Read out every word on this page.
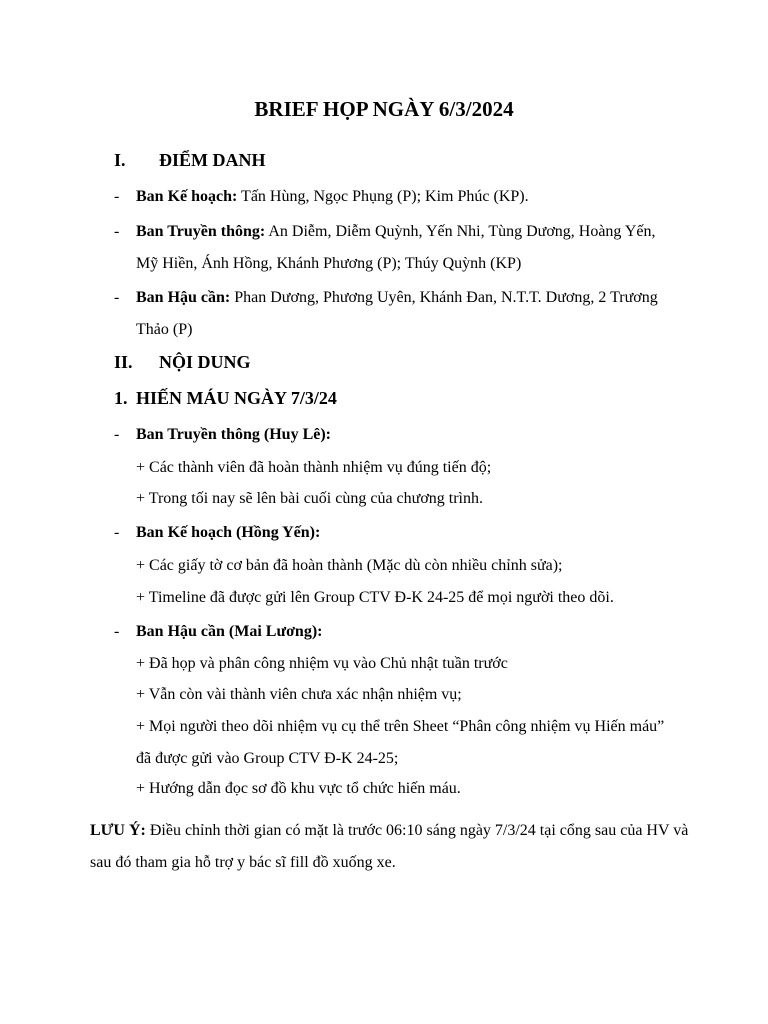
BRIEF HỌP NGÀY 6/3/2024
I. ĐIỂM DANH
- Ban Kế hoạch: Tấn Hùng, Ngọc Phụng (P); Kim Phúc (KP).
- Ban Truyền thông: An Diễm, Diễm Quỳnh, Yến Nhi, Tùng Dương, Hoàng Yến, Mỹ Hiền, Ánh Hồng, Khánh Phương (P); Thúy Quỳnh (KP)
- Ban Hậu cần: Phan Dương, Phương Uyên, Khánh Đan, N.T.T. Dương, 2 Trương Thảo (P)
II. NỘI DUNG
1. HIẾN MÁU NGÀY 7/3/24
- Ban Truyền thông (Huy Lê):
+ Các thành viên đã hoàn thành nhiệm vụ đúng tiến độ;
+ Trong tối nay sẽ lên bài cuối cùng của chương trình.
- Ban Kế hoạch (Hồng Yến):
+ Các giấy tờ cơ bản đã hoàn thành (Mặc dù còn nhiều chỉnh sửa);
+ Timeline đã được gửi lên Group CTV Đ-K 24-25 để mọi người theo dõi.
- Ban Hậu cần (Mai Lương):
+ Đã họp và phân công nhiệm vụ vào Chủ nhật tuần trước
+ Vẫn còn vài thành viên chưa xác nhận nhiệm vụ;
+ Mọi người theo dõi nhiệm vụ cụ thể trên Sheet “Phân công nhiệm vụ Hiến máu” đã được gửi vào Group CTV Đ-K 24-25;
+ Hướng dẫn đọc sơ đồ khu vực tổ chức hiến máu.
LƯU Ý: Điều chỉnh thời gian có mặt là trước 06:10 sáng ngày 7/3/24 tại cổng sau của HV và sau đó tham gia hỗ trợ y bác sĩ fill đồ xuống xe.
